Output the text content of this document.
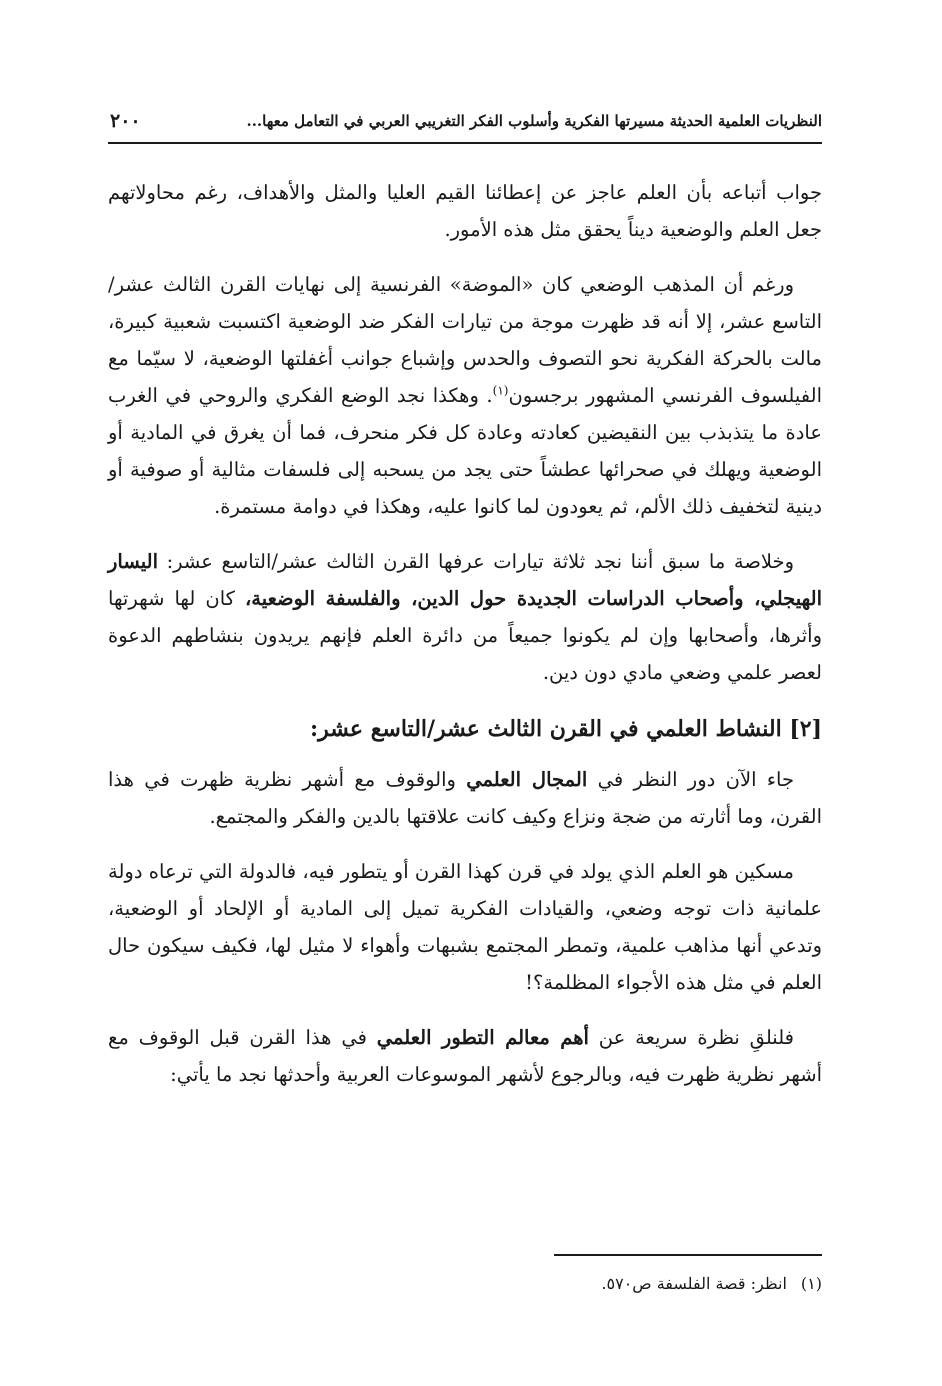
٢٠٠	النظريات العلمية الحديثة مسيرتها الفكرية وأسلوب الفكر التغريبي العربي في التعامل معها...

جواب أتباعه بأن العلم عاجز عن إعطائنا القيم العليا والمثل والأهداف، رغم محاولاتهم جعل العلم والوضعية ديناً يحقق مثل هذه الأمور.

ورغم أن المذهب الوضعي كان «الموضة» الفرنسية إلى نهايات القرن الثالث عشر/التاسع عشر، إلا أنه قد ظهرت موجة من تيارات الفكر ضد الوضعية اكتسبت شعبية كبيرة، مالت بالحركة الفكرية نحو التصوف والحدس وإشباع جوانب أغفلتها الوضعية، لا سيّما مع الفيلسوف الفرنسي المشهور برجسون$^{(١)}$. وهكذا نجد الوضع الفكري والروحي في الغرب عادة ما يتذبذب بين النقيضين كعادته وعادة كل فكر منحرف، فما أن يغرق في المادية أو الوضعية ويهلك في صحرائها عطشاً حتى يجد من يسحبه إلى فلسفات مثالية أو صوفية أو دينية لتخفيف ذلك الألم، ثم يعودون لما كانوا عليه، وهكذا في دوامة مستمرة.

وخلاصة ما سبق أننا نجد ثلاثة تيارات عرفها القرن الثالث عشر/التاسع عشر: اليسار الهيجلي، وأصحاب الدراسات الجديدة حول الدين، والفلسفة الوضعية، كان لها شهرتها وأثرها، وأصحابها وإن لم يكونوا جميعاً من دائرة العلم فإنهم يريدون بنشاطهم الدعوة لعصر علمي وضعي مادي دون دين.

[٢] النشاط العلمي في القرن الثالث عشر/التاسع عشر:

جاء الآن دور النظر في المجال العلمي والوقوف مع أشهر نظرية ظهرت في هذا القرن، وما أثارته من ضجة ونزاع وكيف كانت علاقتها بالدين والفكر والمجتمع.

مسكين هو العلم الذي يولد في قرن كهذا القرن أو يتطور فيه، فالدولة التي ترعاه دولة علمانية ذات توجه وضعي، والقيادات الفكرية تميل إلى المادية أو الإلحاد أو الوضعية، وتدعي أنها مذاهب علمية، وتمطر المجتمع بشبهات وأهواء لا مثيل لها، فكيف سيكون حال العلم في مثل هذه الأجواء المظلمة؟!

فلنلقِ نظرة سريعة عن أهم معالم التطور العلمي في هذا القرن قبل الوقوف مع أشهر نظرية ظهرت فيه، وبالرجوع لأشهر الموسوعات العربية وأحدثها نجد ما يأتي:

(١)انظر: قصة الفلسفة ص٥٧٠.
